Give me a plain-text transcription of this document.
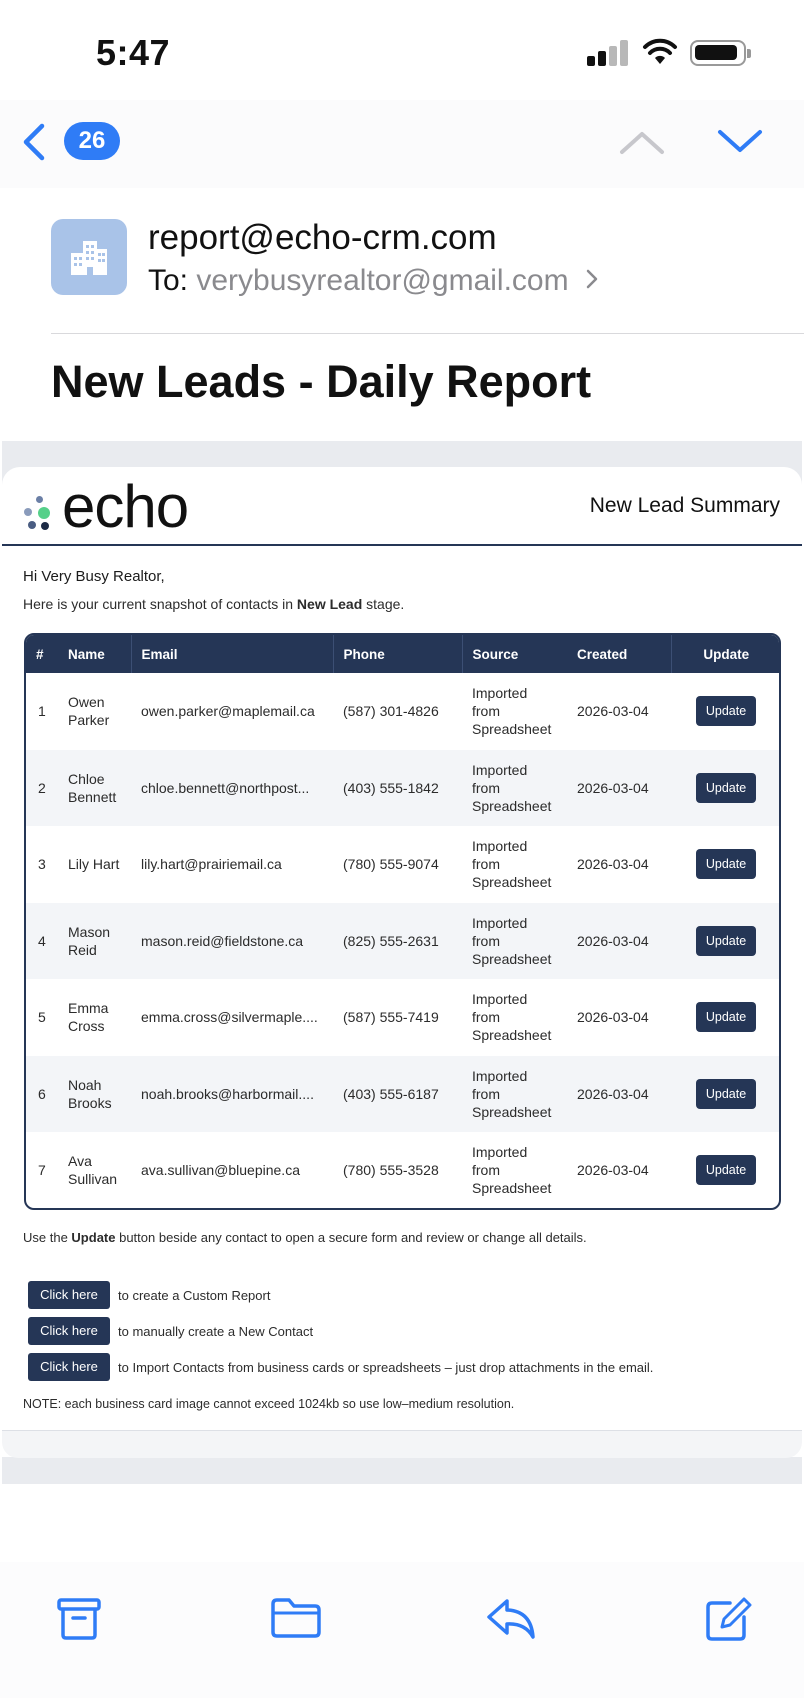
5:47
26
report@echo-crm.com
To: verybusyrealtor@gmail.com
New Leads - Daily Report
echo	New Lead Summary
Hi Very Busy Realtor,
Here is your current snapshot of contacts in New Lead stage.
#	Name	Email	Phone	Source	Created	Update
1	Owen Parker	owen.parker@maplemail.ca	(587) 301-4826	Imported from Spreadsheet	2026-03-04	Update
2	Chloe Bennett	chloe.bennett@northpost...	(403) 555-1842	Imported from Spreadsheet	2026-03-04	Update
3	Lily Hart	lily.hart@prairiemail.ca	(780) 555-9074	Imported from Spreadsheet	2026-03-04	Update
4	Mason Reid	mason.reid@fieldstone.ca	(825) 555-2631	Imported from Spreadsheet	2026-03-04	Update
5	Emma Cross	emma.cross@silvermaple....	(587) 555-7419	Imported from Spreadsheet	2026-03-04	Update
6	Noah Brooks	noah.brooks@harbormail....	(403) 555-6187	Imported from Spreadsheet	2026-03-04	Update
7	Ava Sullivan	ava.sullivan@bluepine.ca	(780) 555-3528	Imported from Spreadsheet	2026-03-04	Update
Use the Update button beside any contact to open a secure form and review or change all details.
Click here	to create a Custom Report
Click here	to manually create a New Contact
Click here	to Import Contacts from business cards or spreadsheets – just drop attachments in the email.
NOTE: each business card image cannot exceed 1024kb so use low–medium resolution.
